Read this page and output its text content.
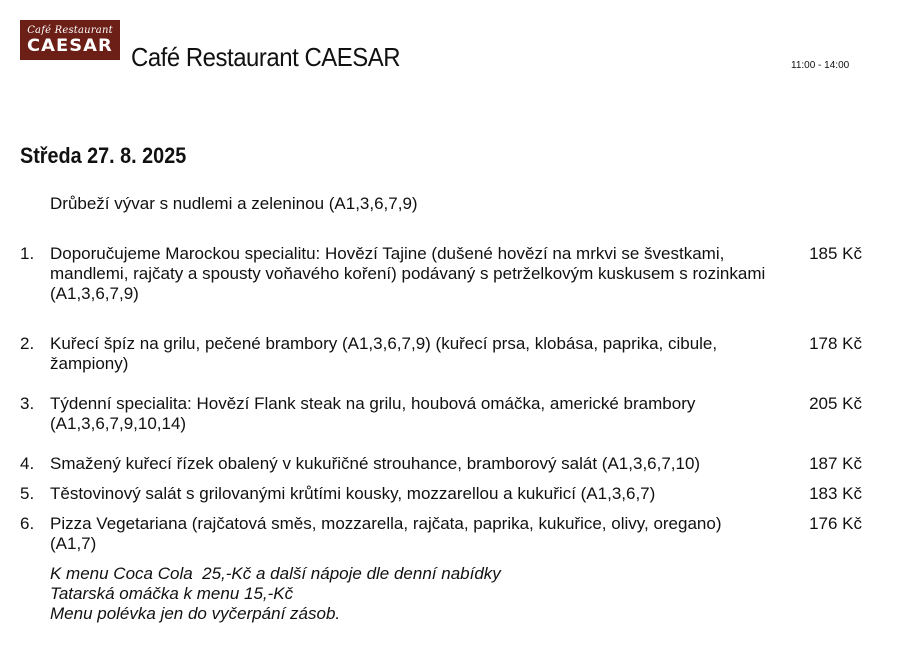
Café Restaurant
CAESAR Café Restaurant CAESAR	11:00 - 14:00
Středa 27. 8. 2025
Drůbeží vývar s nudlemi a zeleninou (A1,3,6,7,9)
1. Doporučujeme Marockou specialitu: Hovězí Tajine (dušené hovězí na mrkvi se švestkami, mandlemi, rajčaty a spousty voňavého koření) podávaný s petrželkovým kuskusem s rozinkami (A1,3,6,7,9)
185 Kč
2. Kuřecí špíz na grilu, pečené brambory (A1,3,6,7,9) (kuřecí prsa, klobása, paprika, cibule, žampiony)
178 Kč
3. Týdenní specialita: Hovězí Flank steak na grilu, houbová omáčka, americké brambory (A1,3,6,7,9,10,14)
205 Kč
4. Smažený kuřecí řízek obalený v kukuřičné strouhance, bramborový salát (A1,3,6,7,10)	187 Kč
5. Těstovinový salát s grilovanými krůtími kousky, mozzarellou a kukuřicí (A1,3,6,7)	183 Kč
6. Pizza Vegetariana (rajčatová směs, mozzarella, rajčata, paprika, kukuřice, olivy, oregano) (A1,7)
176 Kč
K menu Coca Cola  25,-Kč a další nápoje dle denní nabídky
Tatarská omáčka k menu 15,-Kč
Menu polévka jen do vyčerpání zásob.
